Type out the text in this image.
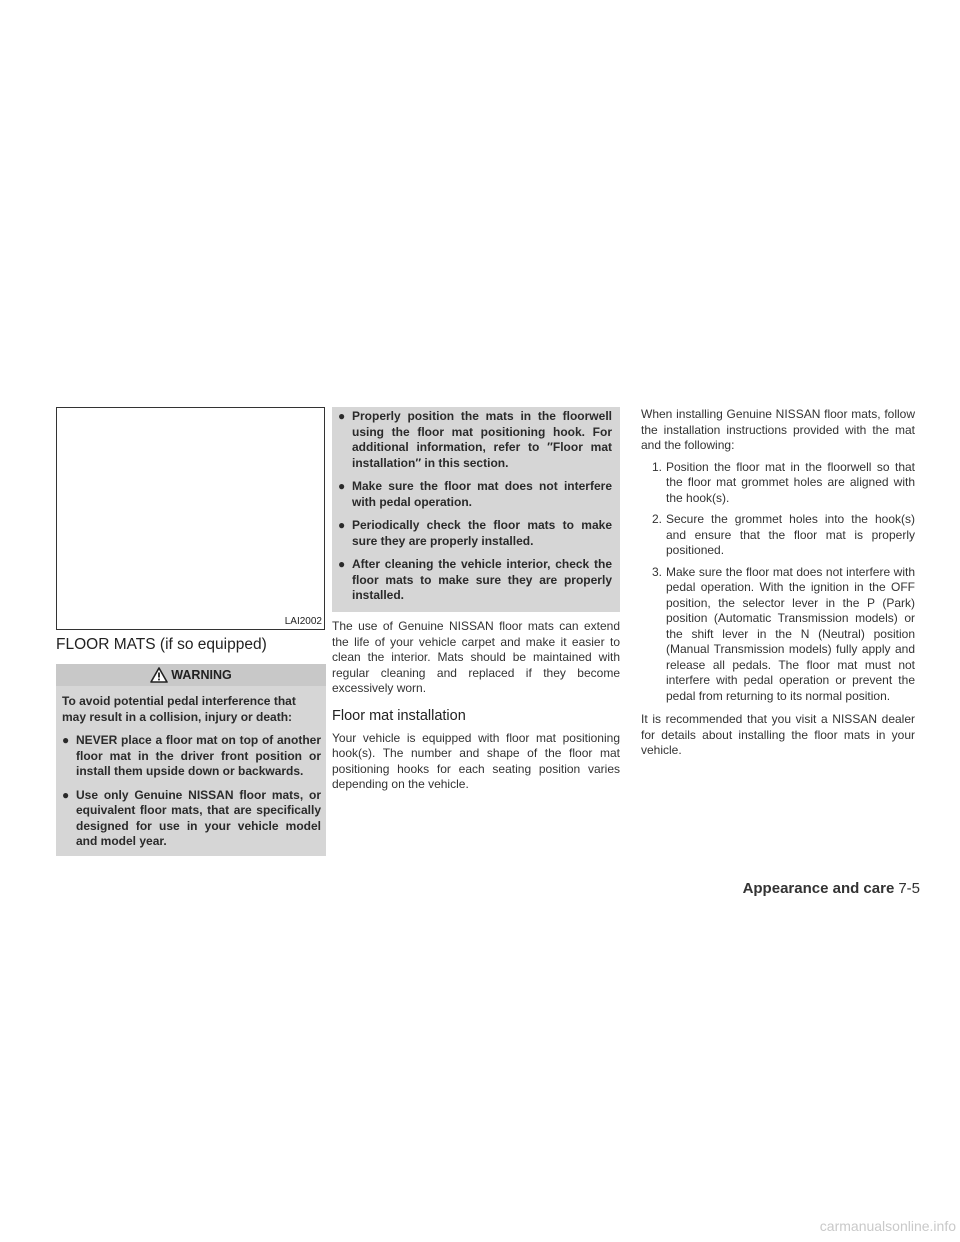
LAI2002
FLOOR MATS (if so equipped)
WARNING

To avoid potential pedal interference that may result in a collision, injury or death:

● NEVER place a floor mat on top of another floor mat in the driver front position or install them upside down or backwards.

● Use only Genuine NISSAN floor mats, or equivalent floor mats, that are specifically designed for use in your vehicle model and model year.

● Properly position the mats in the floorwell using the floor mat positioning hook. For additional information, refer to ″Floor mat installation″ in this section.

● Make sure the floor mat does not interfere with pedal operation.

● Periodically check the floor mats to make sure they are properly installed.

● After cleaning the vehicle interior, check the floor mats to make sure they are properly installed.

The use of Genuine NISSAN floor mats can extend the life of your vehicle carpet and make it easier to clean the interior. Mats should be maintained with regular cleaning and replaced if they become excessively worn.

Floor mat installation

Your vehicle is equipped with floor mat positioning hook(s). The number and shape of the floor mat positioning hooks for each seating position varies depending on the vehicle.

When installing Genuine NISSAN floor mats, follow the installation instructions provided with the mat and the following:

1. Position the floor mat in the floorwell so that the floor mat grommet holes are aligned with the hook(s).

2. Secure the grommet holes into the hook(s) and ensure that the floor mat is properly positioned.

3. Make sure the floor mat does not interfere with pedal operation. With the ignition in the OFF position, the selector lever in the P (Park) position (Automatic Transmission models) or the shift lever in the N (Neutral) position (Manual Transmission models) fully apply and release all pedals. The floor mat must not interfere with pedal operation or prevent the pedal from returning to its normal position.

It is recommended that you visit a NISSAN dealer for details about installing the floor mats in your vehicle.

Appearance and care 7-5
carmanualsonline.info
